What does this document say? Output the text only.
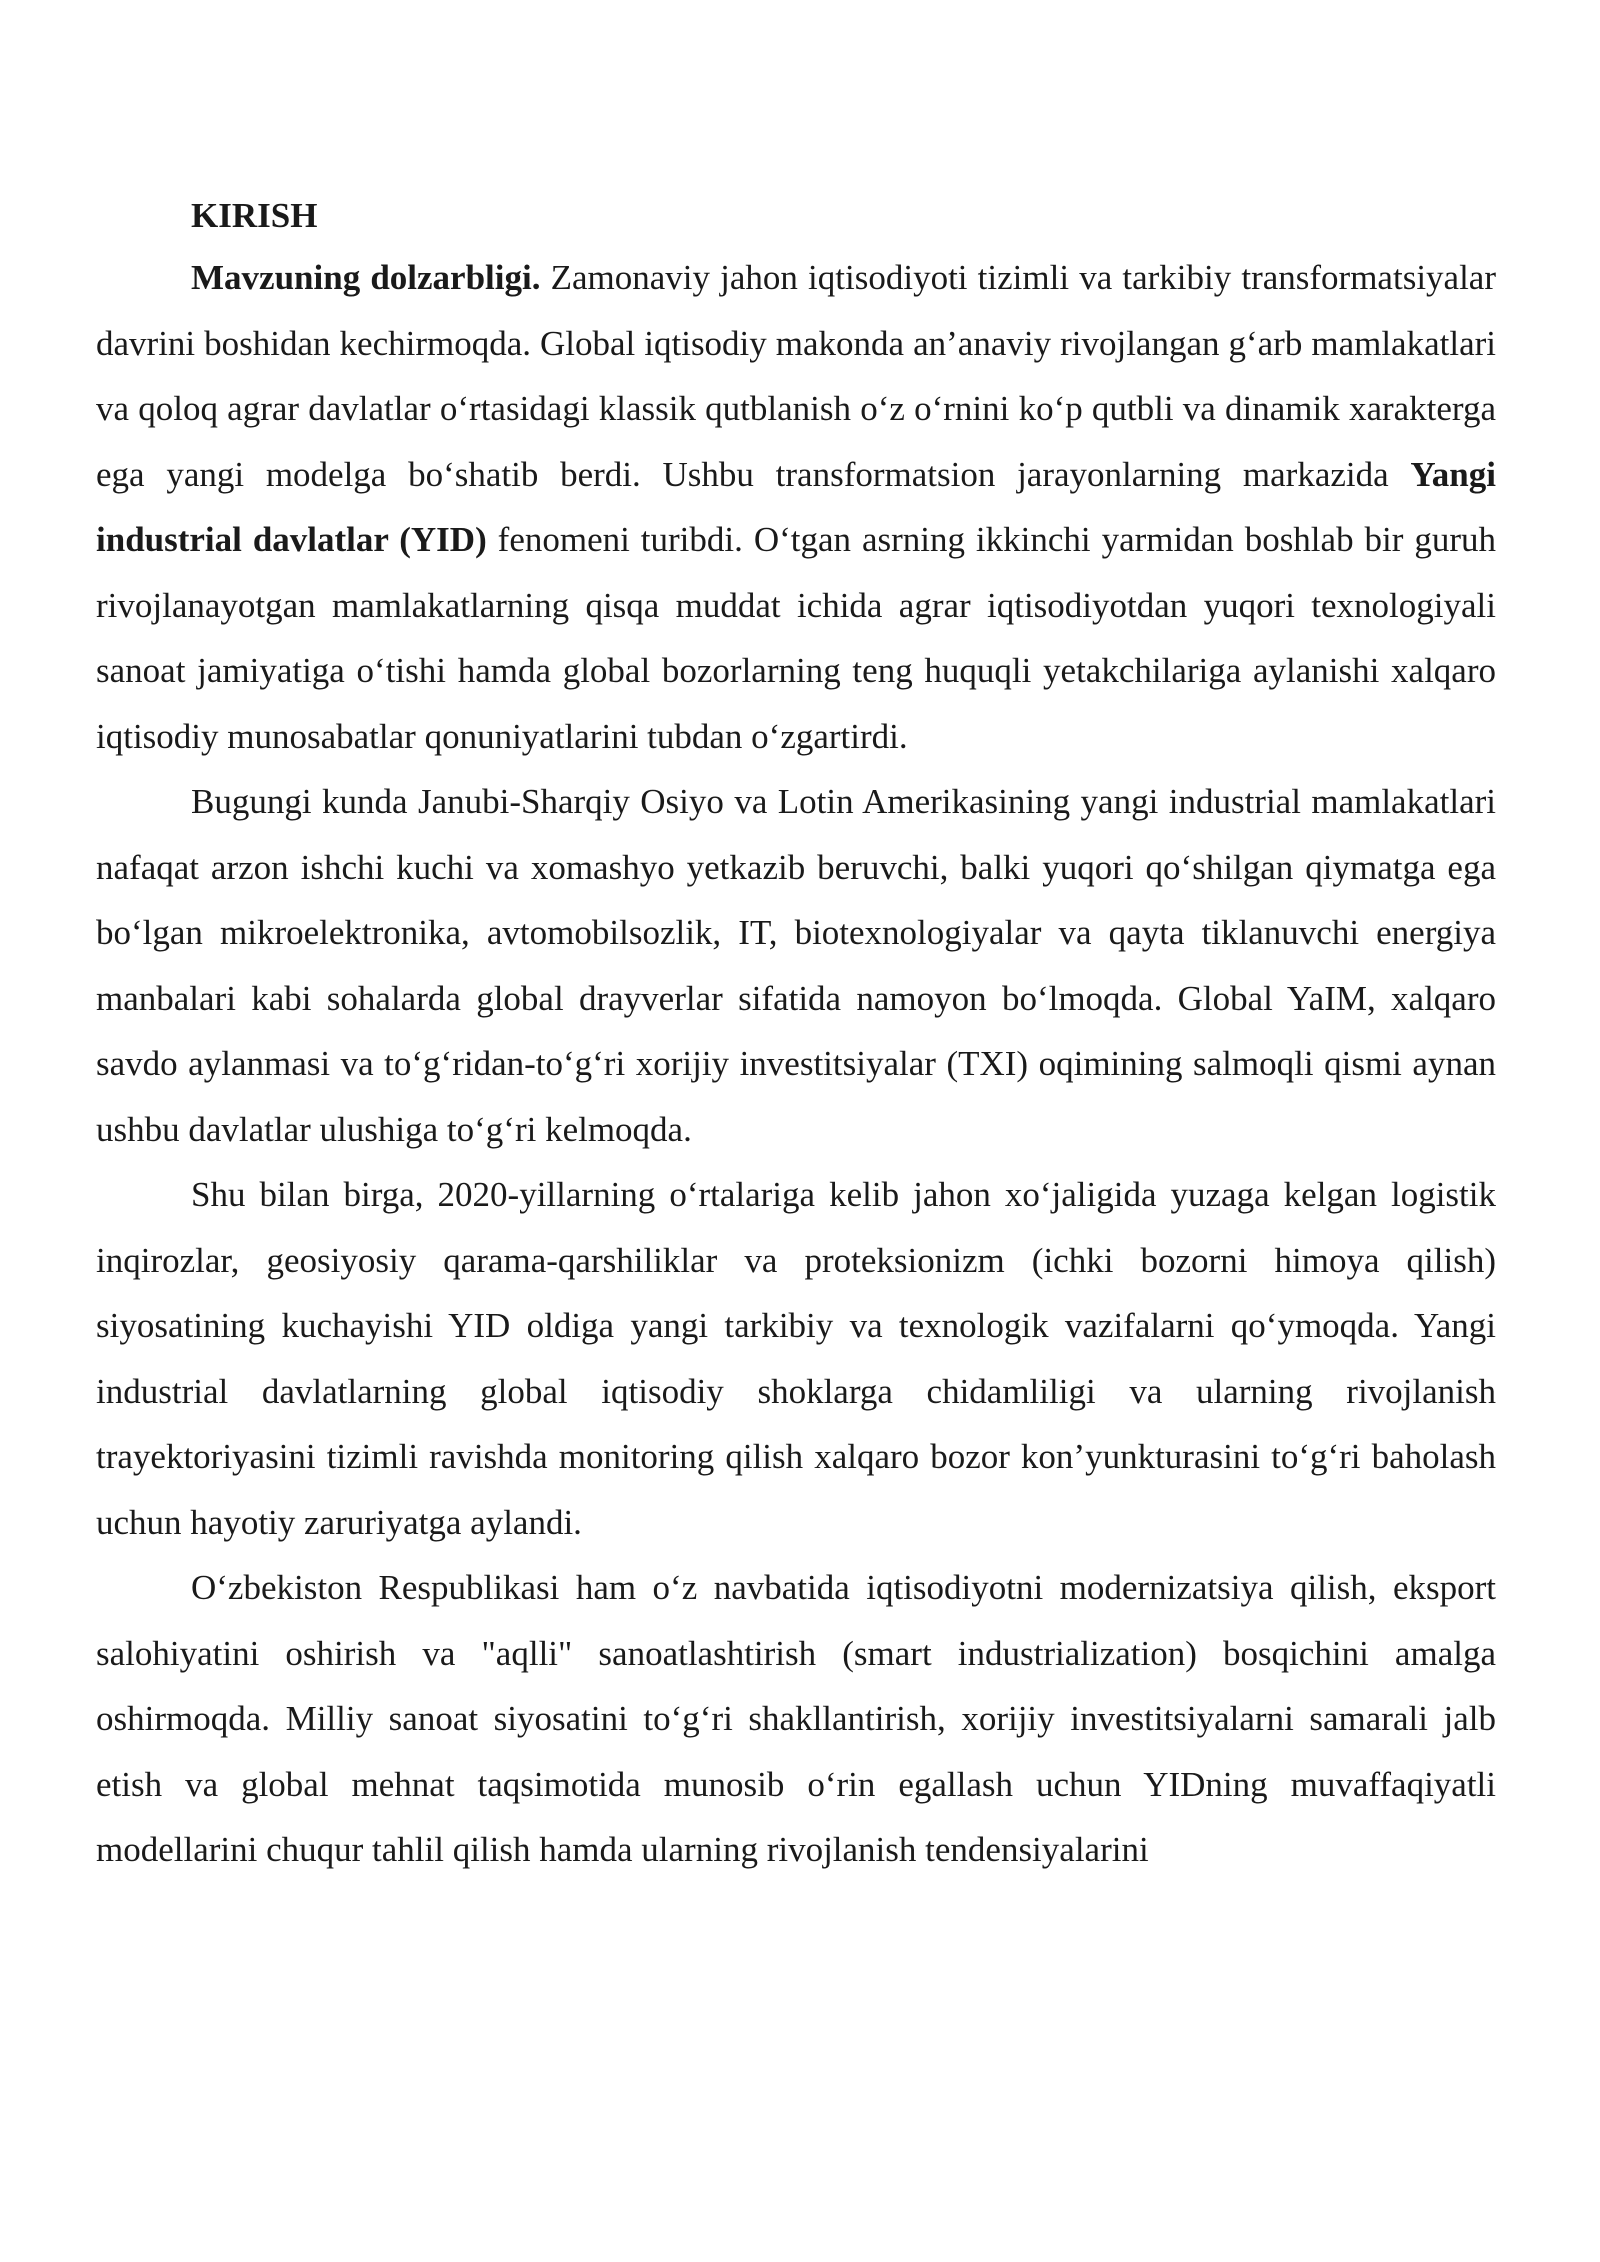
KIRISH

Mavzuning dolzarbligi. Zamonaviy jahon iqtisodiyoti tizimli va tarkibiy transformatsiyalar davrini boshidan kechirmoqda. Global iqtisodiy makonda an’anaviy rivojlangan g‘arb mamlakatlari va qoloq agrar davlatlar o‘rtasidagi klassik qutblanish o‘z o‘rnini ko‘p qutbli va dinamik xarakterga ega yangi modelga bo‘shatib berdi. Ushbu transformatsion jarayonlarning markazida Yangi industrial davlatlar (YID) fenomeni turibdi. O‘tgan asrning ikkinchi yarmidan boshlab bir guruh rivojlanayotgan mamlakatlarning qisqa muddat ichida agrar iqtisodiyotdan yuqori texnologiyali sanoat jamiyatiga o‘tishi hamda global bozorlarning teng huquqli yetakchilariga aylanishi xalqaro iqtisodiy munosabatlar qonuniyatlarini tubdan o‘zgartirdi.

Bugungi kunda Janubi-Sharqiy Osiyo va Lotin Amerikasining yangi industrial mamlakatlari nafaqat arzon ishchi kuchi va xomashyo yetkazib beruvchi, balki yuqori qo‘shilgan qiymatga ega bo‘lgan mikroelektronika, avtomobilsozlik, IT, biotexnologiyalar va qayta tiklanuvchi energiya manbalari kabi sohalarda global drayverlar sifatida namoyon bo‘lmoqda. Global YaIM, xalqaro savdo aylanmasi va to‘g‘ridan-to‘g‘ri xorijiy investitsiyalar (TXI) oqimining salmoqli qismi aynan ushbu davlatlar ulushiga to‘g‘ri kelmoqda.

Shu bilan birga, 2020-yillarning o‘rtalariga kelib jahon xo‘jaligida yuzaga kelgan logistik inqirozlar, geosiyosiy qarama-qarshiliklar va proteksionizm (ichki bozorni himoya qilish) siyosatining kuchayishi YID oldiga yangi tarkibiy va texnologik vazifalarni qo‘ymoqda. Yangi industrial davlatlarning global iqtisodiy shoklarga chidamliligi va ularning rivojlanish trayektoriyasini tizimli ravishda monitoring qilish xalqaro bozor kon’yunkturasini to‘g‘ri baholash uchun hayotiy zaruriyatga aylandi.

O‘zbekiston Respublikasi ham o‘z navbatida iqtisodiyotni modernizatsiya qilish, eksport salohiyatini oshirish va "aqlli" sanoatlashtirish (smart industrialization) bosqichini amalga oshirmoqda. Milliy sanoat siyosatini to‘g‘ri shakllantirish, xorijiy investitsiyalarni samarali jalb etish va global mehnat taqsimotida munosib o‘rin egallash uchun YIDning muvaffaqiyatli modellarini chuqur tahlil qilish hamda ularning rivojlanish tendensiyalarini
